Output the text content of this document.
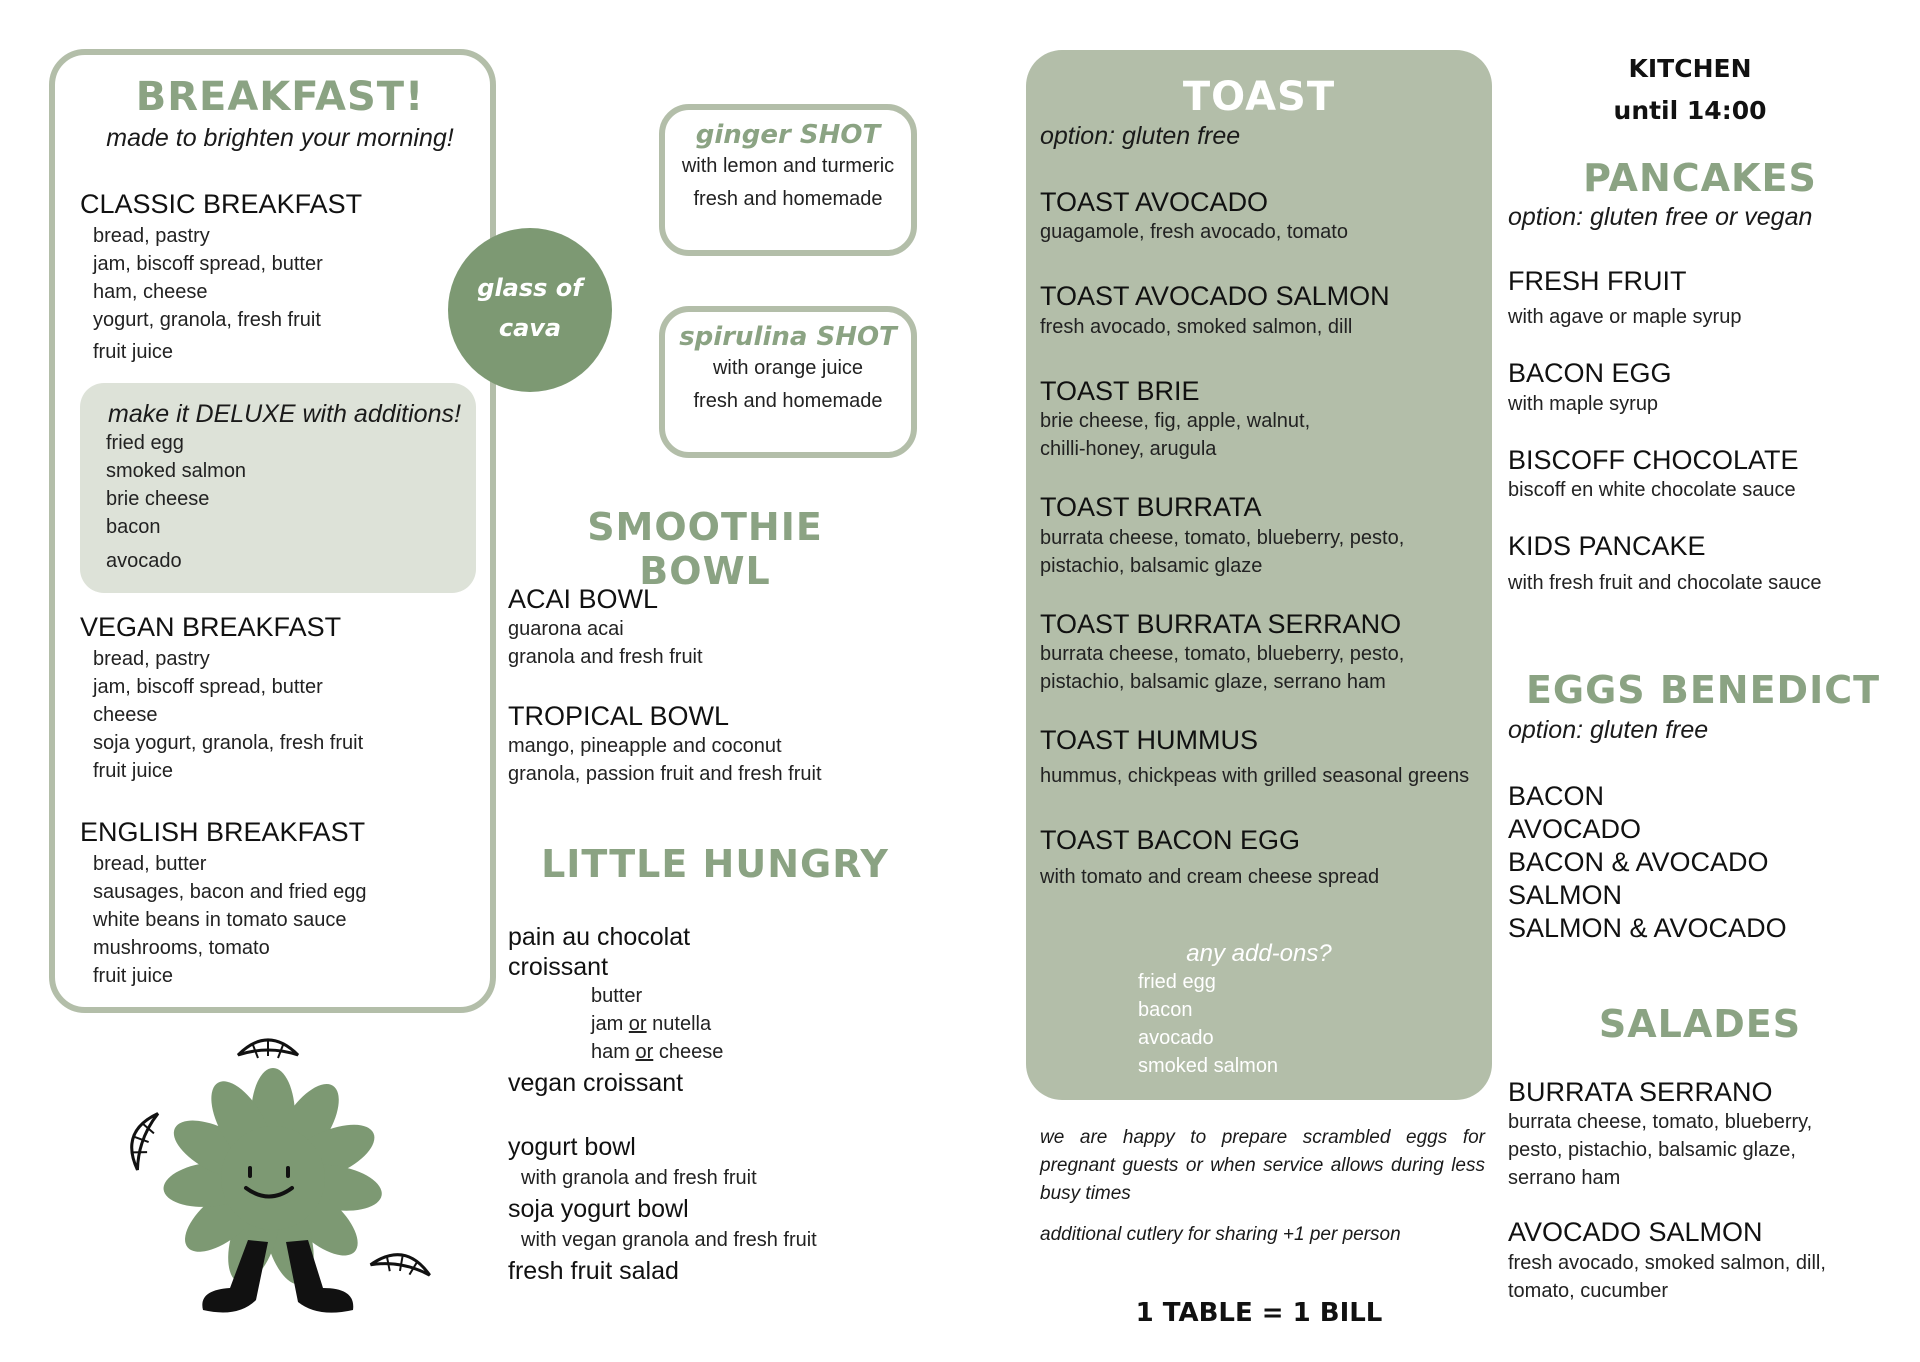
BREAKFAST!
made to brighten your morning!
CLASSIC BREAKFAST
bread, pastry
jam, biscoff spread, butter
ham, cheese
yogurt, granola, fresh fruit
fruit juice
make it DELUXE with additions!
fried egg
smoked salmon
brie cheese
bacon
avocado
VEGAN BREAKFAST
bread, pastry
jam, biscoff spread, butter
cheese
soja yogurt, granola, fresh fruit
fruit juice
ENGLISH BREAKFAST
bread, butter
sausages, bacon and fried egg
white beans in tomato sauce
mushrooms, tomato
fruit juice
glass of
cava
ginger SHOT
with lemon and turmeric
fresh and homemade
spirulina SHOT
with orange juice
fresh and homemade
SMOOTHIE BOWL
ACAI BOWL
guarona acai
granola and fresh fruit
TROPICAL BOWL
mango, pineapple and coconut
granola, passion fruit and fresh fruit
LITTLE HUNGRY
pain au chocolat
croissant
butter
jam or nutella
ham or cheese
vegan croissant
yogurt bowl
with granola and fresh fruit
soja yogurt bowl
with vegan granola and fresh fruit
fresh fruit salad
TOAST
option: gluten free
TOAST AVOCADO
guagamole, fresh avocado, tomato
TOAST AVOCADO SALMON
fresh avocado, smoked salmon, dill
TOAST BRIE
brie cheese, fig, apple, walnut,
chilli-honey, arugula
TOAST BURRATA
burrata cheese, tomato, blueberry, pesto,
pistachio, balsamic glaze
TOAST BURRATA SERRANO
burrata cheese, tomato, blueberry, pesto,
pistachio, balsamic glaze, serrano ham
TOAST HUMMUS
hummus, chickpeas with grilled seasonal greens
TOAST BACON EGG
with tomato and cream cheese spread
any add-ons?
fried egg
bacon
avocado
smoked salmon
we are happy to prepare scrambled eggs for pregnant guests or when service allows during less busy times
additional cutlery for sharing +1 per person
1 TABLE = 1 BILL
KITCHEN
until 14:00
PANCAKES
option: gluten free or vegan
FRESH FRUIT
with agave or maple syrup
BACON EGG
with maple syrup
BISCOFF CHOCOLATE
biscoff en white chocolate sauce
KIDS PANCAKE
with fresh fruit and chocolate sauce
EGGS BENEDICT
option: gluten free
BACON
AVOCADO
BACON & AVOCADO
SALMON
SALMON & AVOCADO
SALADES
BURRATA SERRANO
burrata cheese, tomato, blueberry,
pesto, pistachio, balsamic glaze,
serrano ham
AVOCADO SALMON
fresh avocado, smoked salmon, dill,
tomato, cucumber
